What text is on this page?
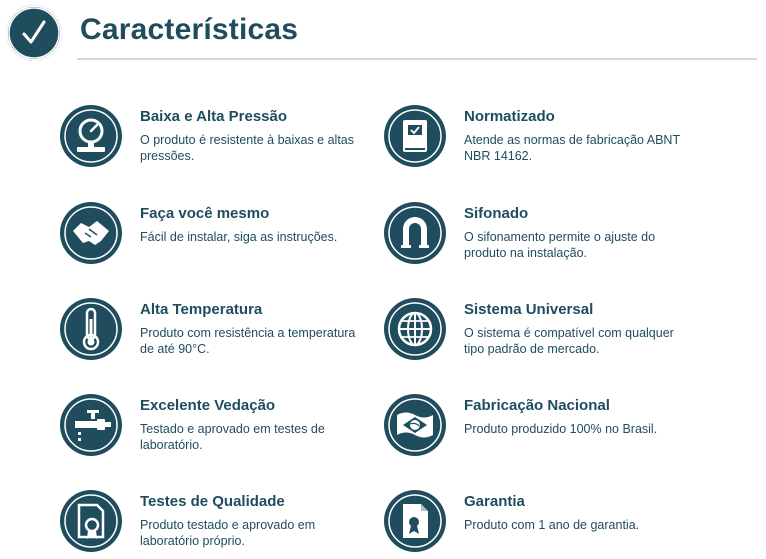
Características
Baixa e Alta Pressão
O produto é resistente à baixas e altas pressões.
Faça você mesmo
Fácil de instalar, siga as instruções.
Alta Temperatura
Produto com resistência a temperatura de até 90°C.
Excelente Vedação
Testado e aprovado em testes de laboratório.
Testes de Qualidade
Produto testado e aprovado em laboratório próprio.
Normatizado
Atende as normas de fabricação ABNT NBR 14162.
Sifonado
O sifonamento permite o ajuste do produto na instalação.
Sistema Universal
O sistema é compatível com qualquer tipo padrão de mercado.
Fabricação Nacional
Produto produzido 100% no Brasil.
Garantia
Produto com 1 ano de garantia.
